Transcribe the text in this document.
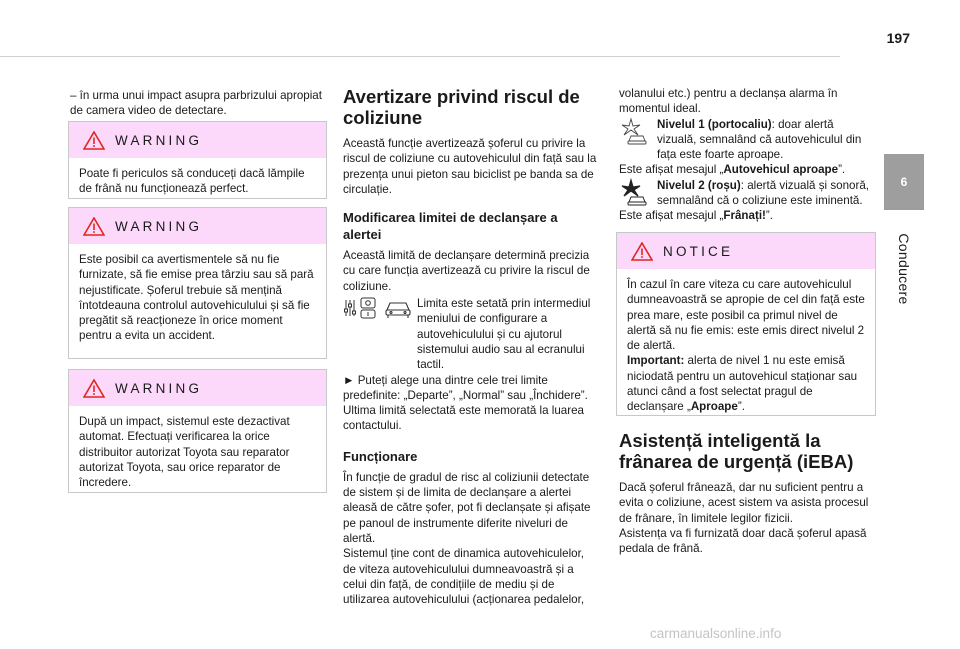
197
6
Conducere

– în urma unui impact asupra parbrizului apropiat de camera video de detectare.

WARNING

Poate fi periculos să conduceți dacă lămpile de frână nu funcționează perfect.

WARNING

Este posibil ca avertismentele să nu fie furnizate, să fie emise prea târziu sau să pară nejustificate. Șoferul trebuie să mențină întotdeauna controlul autovehiculului și să fie pregătit să reacționeze în orice moment pentru a evita un accident.

WARNING

După un impact, sistemul este dezactivat automat. Efectuați verificarea la orice distribuitor autorizat Toyota sau reparator autorizat Toyota, sau orice reparator de încredere.

Avertizare privind riscul de coliziune

Această funcție avertizează șoferul cu privire la riscul de coliziune cu autovehiculul din față sau la prezența unui pieton sau biciclist pe banda sa de circulație.

Modificarea limitei de declanșare a alertei

Această limită de declanșare determină precizia cu care funcția avertizează cu privire la riscul de coliziune.

Limita este setată prin intermediul meniului de configurare a autovehiculului și cu ajutorul sistemului audio sau al ecranului tactil.

► Puteți alege una dintre cele trei limite predefinite: „Departe”, „Normal” sau „Închidere”.

Ultima limită selectată este memorată la luarea contactului.

Funcționare

În funcție de gradul de risc al coliziunii detectate de sistem și de limita de declanșare a alertei aleasă de către șofer, pot fi declanșate și afișate pe panoul de instrumente diferite niveluri de alertă.

Sistemul ține cont de dinamica autovehiculelor, de viteza autovehiculului dumneavoastră și a celui din față, de condițiile de mediu și de utilizarea autovehiculului (acționarea pedalelor,

volanului etc.) pentru a declanșa alarma în momentul ideal.

Nivelul 1 (portocaliu): doar alertă vizuală, semnalând că autovehiculul din fața este foarte aproape.

Este afișat mesajul „Autovehicul aproape”.

Nivelul 2 (roșu): alertă vizuală și sonoră, semnalând că o coliziune este iminentă.

Este afișat mesajul „Frânați!”.

NOTICE

În cazul în care viteza cu care autovehiculul dumneavoastră se apropie de cel din față este prea mare, este posibil ca primul nivel de alertă să nu fie emis: este emis direct nivelul 2 de alertă.

Important: alerta de nivel 1 nu este emisă niciodată pentru un autovehicul staționar sau atunci când a fost selectat pragul de declanșare „Aproape”.

Asistență inteligentă la frânarea de urgență (iEBA)

Dacă șoferul frânează, dar nu suficient pentru a evita o coliziune, acest sistem va asista procesul de frânare, în limitele legilor fizicii.

Asistența va fi furnizată doar dacă șoferul apasă pedala de frână.

carmanualsonline.info
